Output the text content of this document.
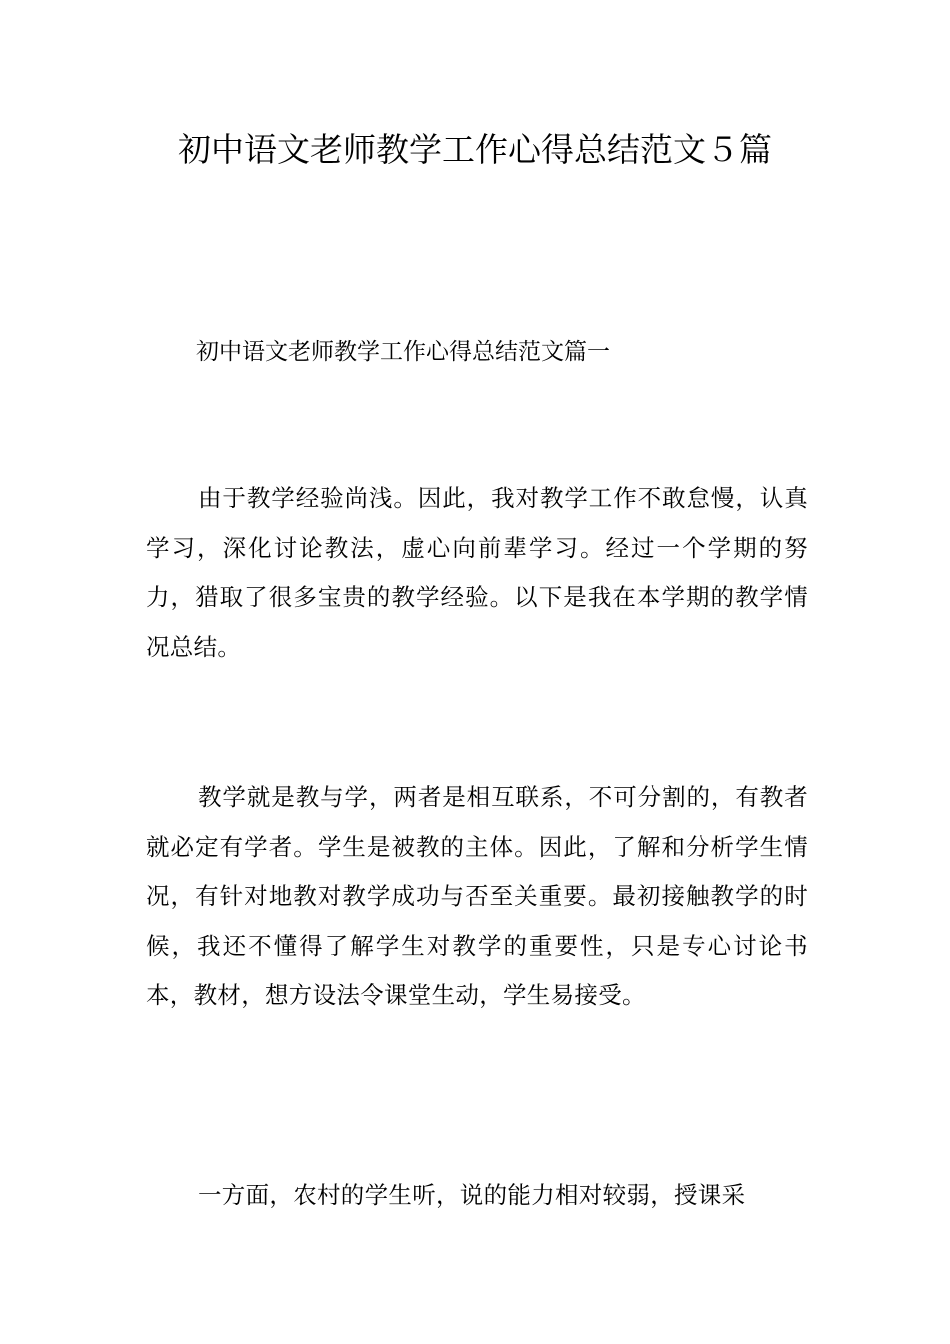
初中语文老师教学工作心得总结范文５篇
初中语文老师教学工作心得总结范文篇一

由于教学经验尚浅。因此，我对教学工作不敢怠慢，认真学习，深化讨论教法，虚心向前辈学习。经过一个学期的努力，猎取了很多宝贵的教学经验。以下是我在本学期的教学情况总结。

教学就是教与学，两者是相互联系，不可分割的，有教者就必定有学者。学生是被教的主体。因此，了解和分析学生情况，有针对地教对教学成功与否至关重要。最初接触教学的时候，我还不懂得了解学生对教学的重要性，只是专心讨论书本，教材，想方设法令课堂生动，学生易接受。

一方面，农村的学生听，说的能力相对较弱，授课采
